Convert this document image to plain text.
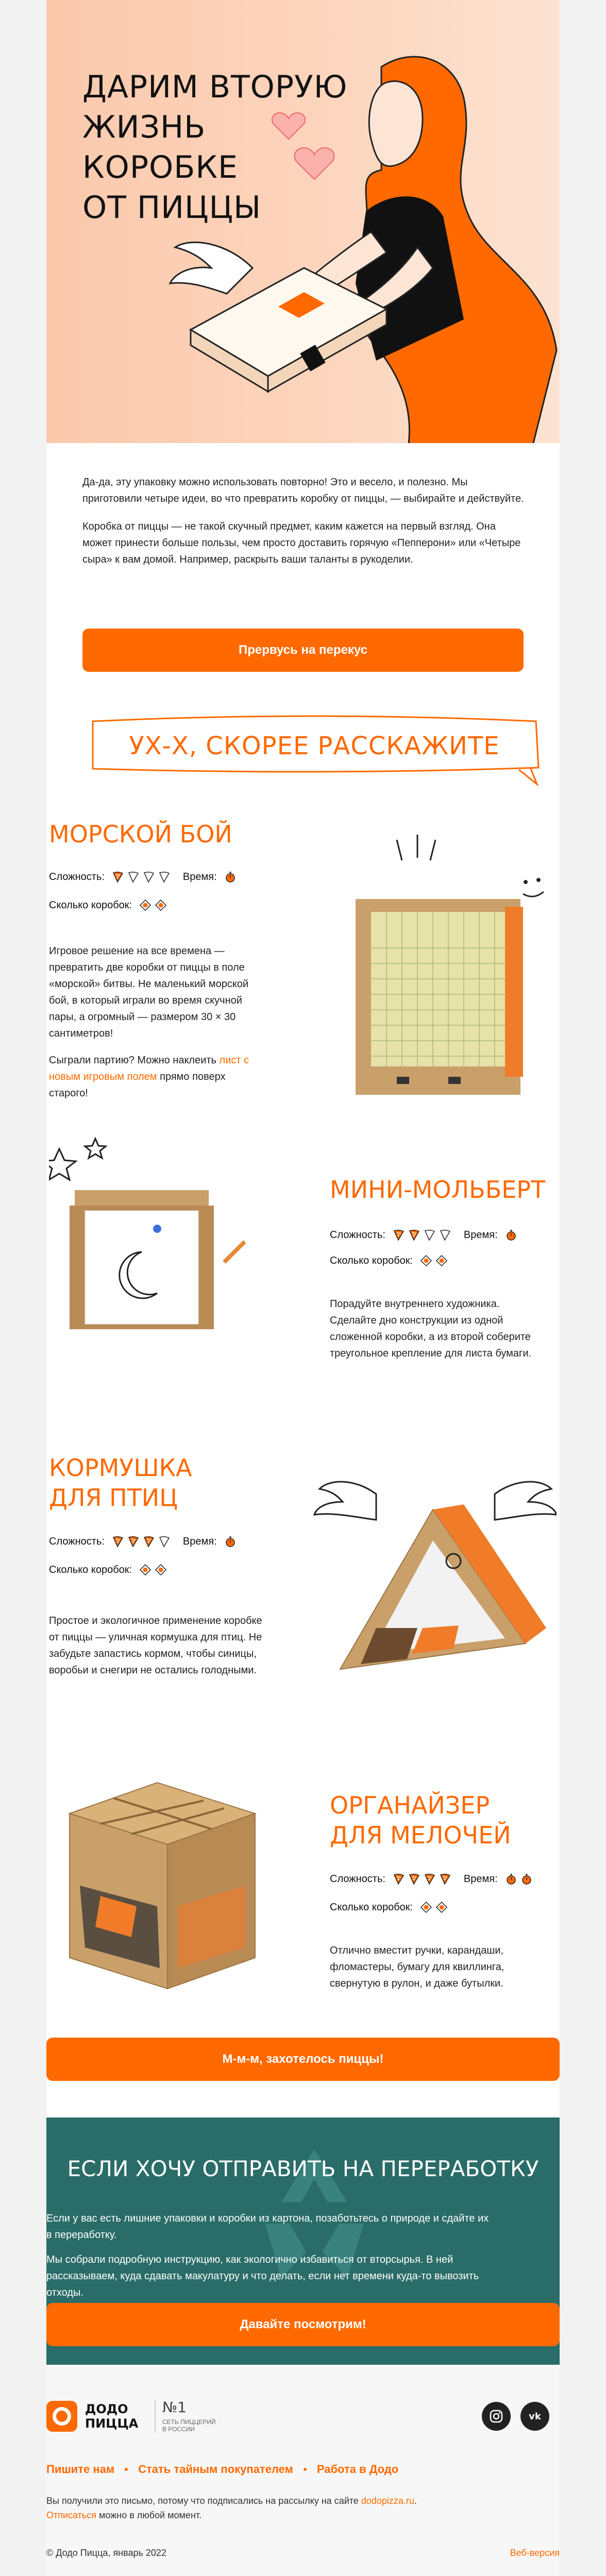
ДАРИМ ВТОРУЮ ЖИЗНЬ
КОРОБКЕ
ОТ ПИЦЦЫ

Да-да, эту упаковку можно использовать повторно! Это и весело, и полезно. Мы приготовили четыре идеи, во что превратить коробку от пиццы, — выбирайте и действуйте.

Коробка от пиццы — не такой скучный предмет, каким кажется на первый взгляд. Она может принести больше пользы, чем просто доставить горячую «Пепперони» или «Четыре сыра» к вам домой. Например, раскрыть ваши таланты в рукоделии.

Прервусь на перекус
УХ-Х, СКОРЕЕ РАССКАЖИТЕ
МОРСКОЙ БОЙ
Сложность:	Время:
Сколько коробок:

Игровое решение на все времена — превратить две коробки от пиццы в поле «морской» битвы. Не маленький морской бой, в который играли во время скучной пары, а огромный — размером 30 × 30 сантиметров!

Сыграли партию? Можно наклеить лист с новым игровым полем прямо поверх старого!

МИНИ-МОЛЬБЕРТ
Сложность:	Время:
Сколько коробок:

Порадуйте внутреннего художника. Сделайте дно конструкции из одной сложенной коробки, а из второй соберите треугольное крепление для листа бумаги.

КОРМУШКА
ДЛЯ ПТИЦ
Сложность:	Время:
Сколько коробок:

Простое и экологичное применение коробке от пиццы — уличная кормушка для птиц. Не забудьте запастись кормом, чтобы синицы, воробьи и снегири не остались голодными.

ОРГАНАЙЗЕР
ДЛЯ МЕЛОЧЕЙ
Сложность:	Время:
Сколько коробок:

Отлично вместит ручки, карандаши, фломастеры, бумагу для квиллинга, свернутую в рулон, и даже бутылки.

М-м-м, захотелось пиццы!
ЕСЛИ ХОЧУ ОТПРАВИТЬ НА ПЕРЕРАБОТКУ

Если у вас есть лишние упаковки и коробки из картона, позаботьтесь о природе и сдайте их в переработку.

Мы собрали подробную инструкцию, как экологично избавиться от вторсырья. В ней рассказываем, куда сдавать макулатуру и что делать, если нет времени куда-то вывозить отходы.

Давайте посмотрим!
ДОДО
ПИЦЦА
№1
СЕТЬ ПИЦЦЕРИЙ
В РОССИИ
vk
Пишите нам Стать тайным покупателем Работа в Додо
Вы получили это письмо, потому что подписались на рассылку на сайте dodopizza.ru.
Отписаться можно в любой момент.
© Додо Пицца, январь 2022	Веб-версия
